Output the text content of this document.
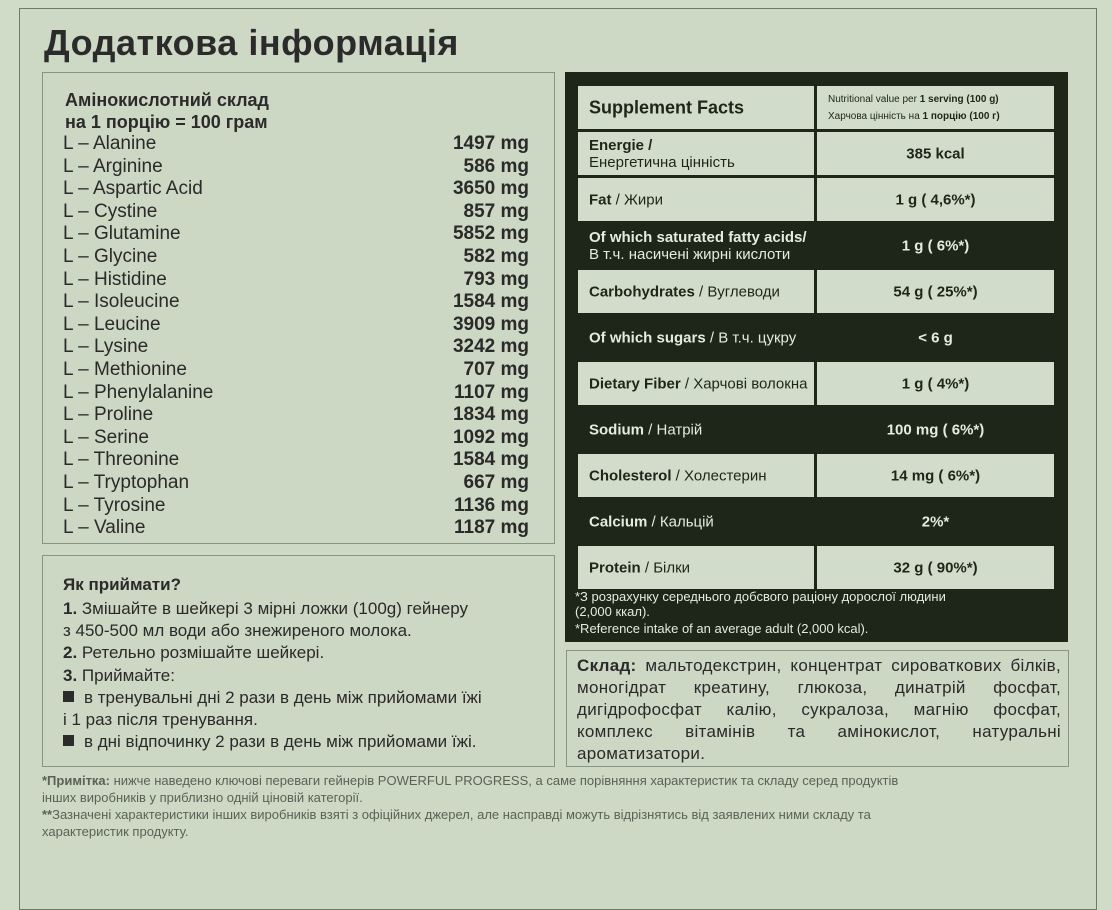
Додаткова інформація
Амінокислотний склад
на 1 порцію = 100 грам
L – Alanine	1497 mg
L – Arginine	586 mg
L – Aspartic Acid	3650 mg
L – Cystine	857 mg
L – Glutamine	5852 mg
L – Glycine	582 mg
L – Histidine	793 mg
L – Isoleucine	1584 mg
L – Leucine	3909 mg
L – Lysine	3242 mg
L – Methionine	707 mg
L – Phenylalanine	1107 mg
L – Proline	1834 mg
L – Serine	1092 mg
L – Threonine	1584 mg
L – Tryptophan	667 mg
L – Tyrosine	1136 mg
L – Valine	1187 mg
Як приймати?
1. Змішайте в шейкері 3 мірні ложки (100g) гейнеру
з 450-500 мл води або знежиреного молока.
2. Ретельно розмішайте шейкері.
3. Приймайте:
в тренувальні дні 2 рази в день між прийомами їжі
і 1 раз після тренування.
в дні відпочинку 2 рази в день між прийомами їжі.
Supplement Facts	Nutritional value per 1 serving (100 g)
Харчова цінність на 1 порцію (100 г)
Energie /
Енергетична цінність	385 kcal
Fat / Жири	1 g ( 4,6%*)
Of which saturated fatty acids/
В т.ч. насичені жирні кислоти	1 g ( 6%*)
Carbohydrates / Вуглеводи	54 g ( 25%*)
Of which sugars / В т.ч. цукру	< 6 g
Dietary Fiber / Харчові волокна	1 g ( 4%*)
Sodium / Натрій	100 mg ( 6%*)
Cholesterol / Холестерин	14 mg ( 6%*)
Calcium / Кальцій	2%*
Protein / Білки	32 g ( 90%*)
*З розрахунку середнього добсвого раціону дорослої людини
(2,000 ккал).
*Reference intake of an average adult (2,000 kcal).
Склад: мальтодекстрин, концентрат сироваткових білків, моногідрат креатину, глюкоза, динатрій фосфат, дигідрофосфат калію, сукралоза, магнію фосфат, комплекс вітамінів та амінокислот, натуральні ароматизатори.
*Примітка: нижче наведено ключові переваги гейнерів POWERFUL PROGRESS, а саме порівняння характеристик та складу серед продуктів
інших виробників у приблизно одній ціновій категорії.
**Зазначені характеристики інших виробників взяті з офіційних джерел, але насправді можуть відрізнятись від заявлених ними складу та
характеристик продукту.
